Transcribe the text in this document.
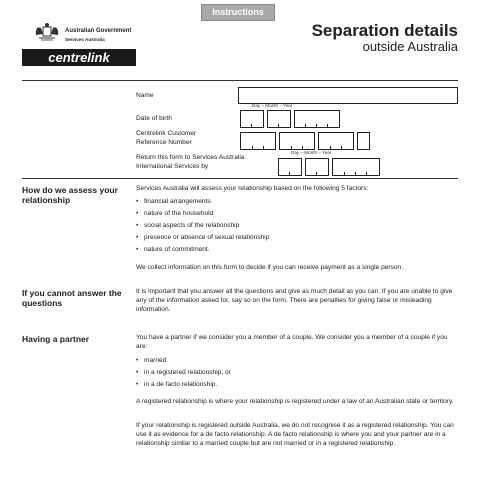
Instructions
Australian Government
Services Australia
centrelink
Separation details
outside Australia
Name
Day – Month – Year
Date of birth
Centrelink Customer
Reference Number
Day – Month – Year
Return this form to Services Australia
International Services by
How do we assess your relationship
Services Australia will assess your relationship based on the following 5 factors:
• financial arrangements
• nature of the household
• social aspects of the relationship
• presence or absence of sexual relationship
• nature of commitment.
We collect information on this form to decide if you can receive payment as a single person.
If you cannot answer the questions
It is important that you answer all the questions and give as much detail as you can. If you are unable to give any of the information asked for, say so on the form. There are penalties for giving false or misleading information.
Having a partner	You have a partner if we consider you a member of a couple. We consider you a member of a couple if you are:
• married
• in a registered relationship, or
• in a de facto relationship.
A registered relationship is where your relationship is registered under a law of an Australian state or territory.
If your relationship is registered outside Australia, we do not recognise it as a registered relationship. You can use it as evidence for a de facto relationship. A de facto relationship is where you and your partner are in a relationship similar to a married couple but are not married or in a registered relationship.
